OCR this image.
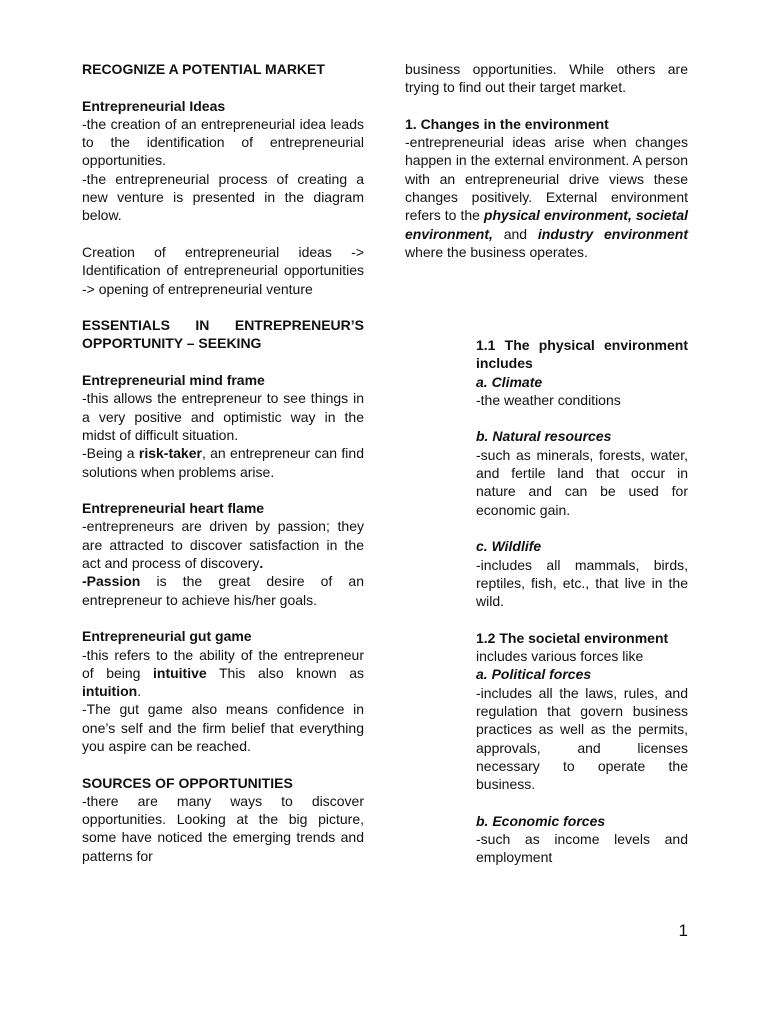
RECOGNIZE A POTENTIAL MARKET

Entrepreneurial Ideas

-the creation of an entrepreneurial idea leads to the identification of entrepreneurial opportunities.

-the entrepreneurial process of creating a new venture is presented in the diagram below.

Creation of entrepreneurial ideas -> Identification of entrepreneurial opportunities -> opening of entrepreneurial venture

ESSENTIALS IN ENTREPRENEUR’S OPPORTUNITY – SEEKING

Entrepreneurial mind frame

-this allows the entrepreneur to see things in a very positive and optimistic way in the midst of difficult situation.

-Being a risk-taker, an entrepreneur can find solutions when problems arise.

Entrepreneurial heart flame

-entrepreneurs are driven by passion; they are attracted to discover satisfaction in the act and process of discovery.

-Passion is the great desire of an entrepreneur to achieve his/her goals.

Entrepreneurial gut game

-this refers to the ability of the entrepreneur of being intuitive This also known as intuition.

-The gut game also means confidence in one’s self and the firm belief that everything you aspire can be reached.

SOURCES OF OPPORTUNITIES

-there are many ways to discover opportunities. Looking at the big picture, some have noticed the emerging trends and patterns for

business opportunities. While others are trying to find out their target market.

1. Changes in the environment

-entrepreneurial ideas arise when changes happen in the external environment. A person with an entrepreneurial drive views these changes positively. External environment refers to the physical environment, societal environment, and industry environment where the business operates.

1.1 The physical environment includes

a. Climate

-the weather conditions

b. Natural resources

-such as minerals, forests, water, and fertile land that occur in nature and can be used for economic gain.

c. Wildlife

-includes all mammals, birds, reptiles, fish, etc., that live in the wild.

1.2 The societal environment

includes various forces like

a. Political forces

-includes all the laws, rules, and regulation that govern business practices as well as the permits, approvals, and licenses necessary to operate the business.

b. Economic forces

-such as income levels and employment

1
